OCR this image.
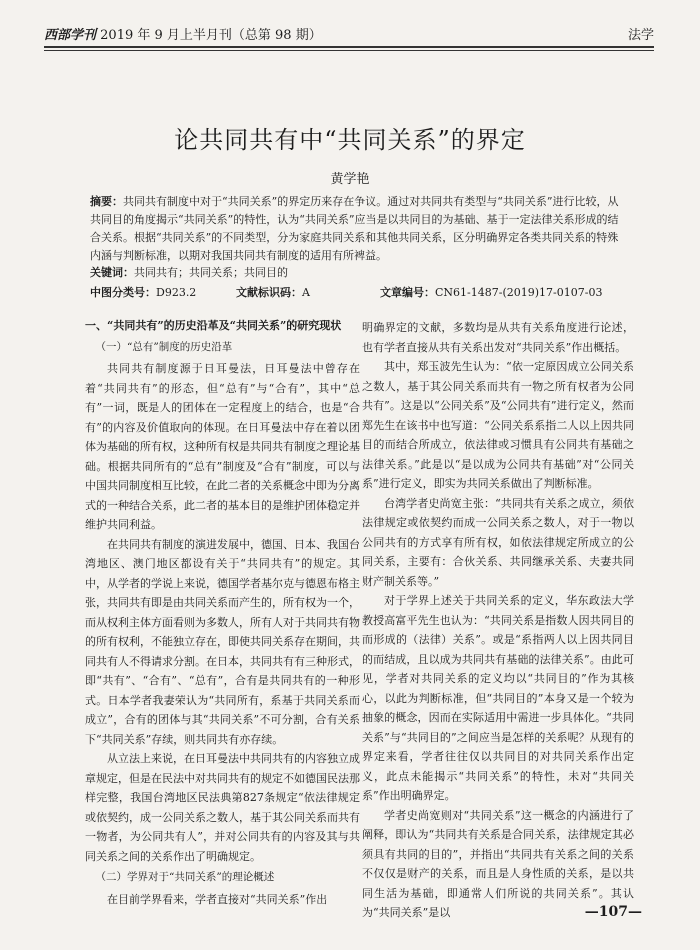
西部学刊 2019 年 9 月上半月刊（总第 98 期）	法学
论共同共有中“共同关系”的界定
黄学艳
摘要：共同共有制度中对于“共同关系”的界定历来存在争议。通过对共同共有类型与“共同关系”进行比较，从共同目的角度揭示“共同关系”的特性，认为“共同关系”应当是以共同目的为基础、基于一定法律关系形成的结合关系。根据“共同关系”的不同类型，分为家庭共同关系和其他共同关系，区分明确界定各类共同关系的特殊内涵与判断标准，以期对我国共同共有制度的适用有所裨益。
关键词：共同共有；共同关系；共同目的
中图分类号：D923.2	文献标识码：A	文章编号：CN61-1487-(2019)17-0107-03
一、“共同共有”的历史沿革及“共同关系”的研究现状
（一）“总有”制度的历史沿革

共同共有制度源于日耳曼法，日耳曼法中曾存在着“共同共有”的形态，但“总有”与“合有”，其中“总有”一词，既是人的团体在一定程度上的结合，也是“合有”的内容及价值取向的体现。在日耳曼法中存在着以团体为基础的所有权，这种所有权是共同共有制度之理论基础。根据共同所有的“总有”制度及“合有”制度，可以与中国共同制度相互比较，在此二者的关系概念中即为分离式的一种结合关系，此二者的基本目的是维护团体稳定并维护共同利益。

在共同共有制度的演进发展中，德国、日本、我国台湾地区、澳门地区都设有关于“共同共有”的规定。其中，从学者的学说上来说，德国学者基尔克与德恩布格主张，共同共有即是由共同关系而产生的，所有权为一个，而从权利主体方面看则为多数人，所有人对于共同共有物的所有权利，不能独立存在，即使共同关系存在期间，共同共有人不得请求分割。在日本，共同共有有三种形式，即“共有”、“合有”、“总有”，合有是共同共有的一种形式。日本学者我妻荣认为“共同所有，系基于共同关系而成立”，合有的团体与其“共同关系”不可分割，合有关系下“共同关系”存续，则共同共有亦存续。

从立法上来说，在日耳曼法中共同共有的内容独立成章规定，但是在民法中对共同共有的规定不如德国民法那样完整，我国台湾地区民法典第827条规定“依法律规定或依契约，成一公同关系之数人，基于其公同关系而共有一物者，为公同共有人”，并对公同共有的内容及其与共同关系之间的关系作出了明确规定。

（二）学界对于“共同关系”的理论概述

在目前学界看来，学者直接对“共同关系”作出

明确界定的文献，多数均是从共有关系角度进行论述，也有学者直接从共有关系出发对“共同关系”作出概括。

其中，郑玉波先生认为：“依一定原因成立公同关系之数人，基于其公同关系而共有一物之所有权者为公同共有”。这是以“公同关系”及“公同共有”进行定义，然而郑先生在该书中也写道：“公同关系系指二人以上因共同目的而结合所成立，依法律或习惯具有公同共有基础之法律关系。”此是以“是以成为公同共有基础”对“公同关系”进行定义，即实为共同关系做出了判断标准。

台湾学者史尚宽主张：“共同共有关系之成立，须依法律规定或依契约而成一公同关系之数人，对于一物以公同共有的方式享有所有权，如依法律规定所成立的公同关系，主要有：合伙关系、共同继承关系、夫妻共同财产制关系等。”

对于学界上述关于共同关系的定义，华东政法大学教授高富平先生也认为：“共同关系是指数人因共同目的而形成的（法律）关系”。或是“系指两人以上因共同目的而结成，且以成为共同共有基础的法律关系”。由此可见，学者对共同关系的定义均以“共同目的”作为其核心，以此为判断标准，但“共同目的”本身又是一个较为抽象的概念，因而在实际适用中需进一步具体化。“共同关系”与“共同目的”之间应当是怎样的关系呢？从现有的界定来看，学者往往仅以共同目的对共同关系作出定义，此点未能揭示“共同关系”的特性，未对“共同关系”作出明确界定。

学者史尚宽则对“共同关系”这一概念的内涵进行了阐释，即认为“共同共有关系是合同关系，法律规定其必须具有共同的目的”，并指出“共同共有关系之间的关系不仅仅是财产的关系，而且是人身性质的关系，是以共同生活为基础，即通常人们所说的共同关系”。其认为“共同关系”是以	—107—
